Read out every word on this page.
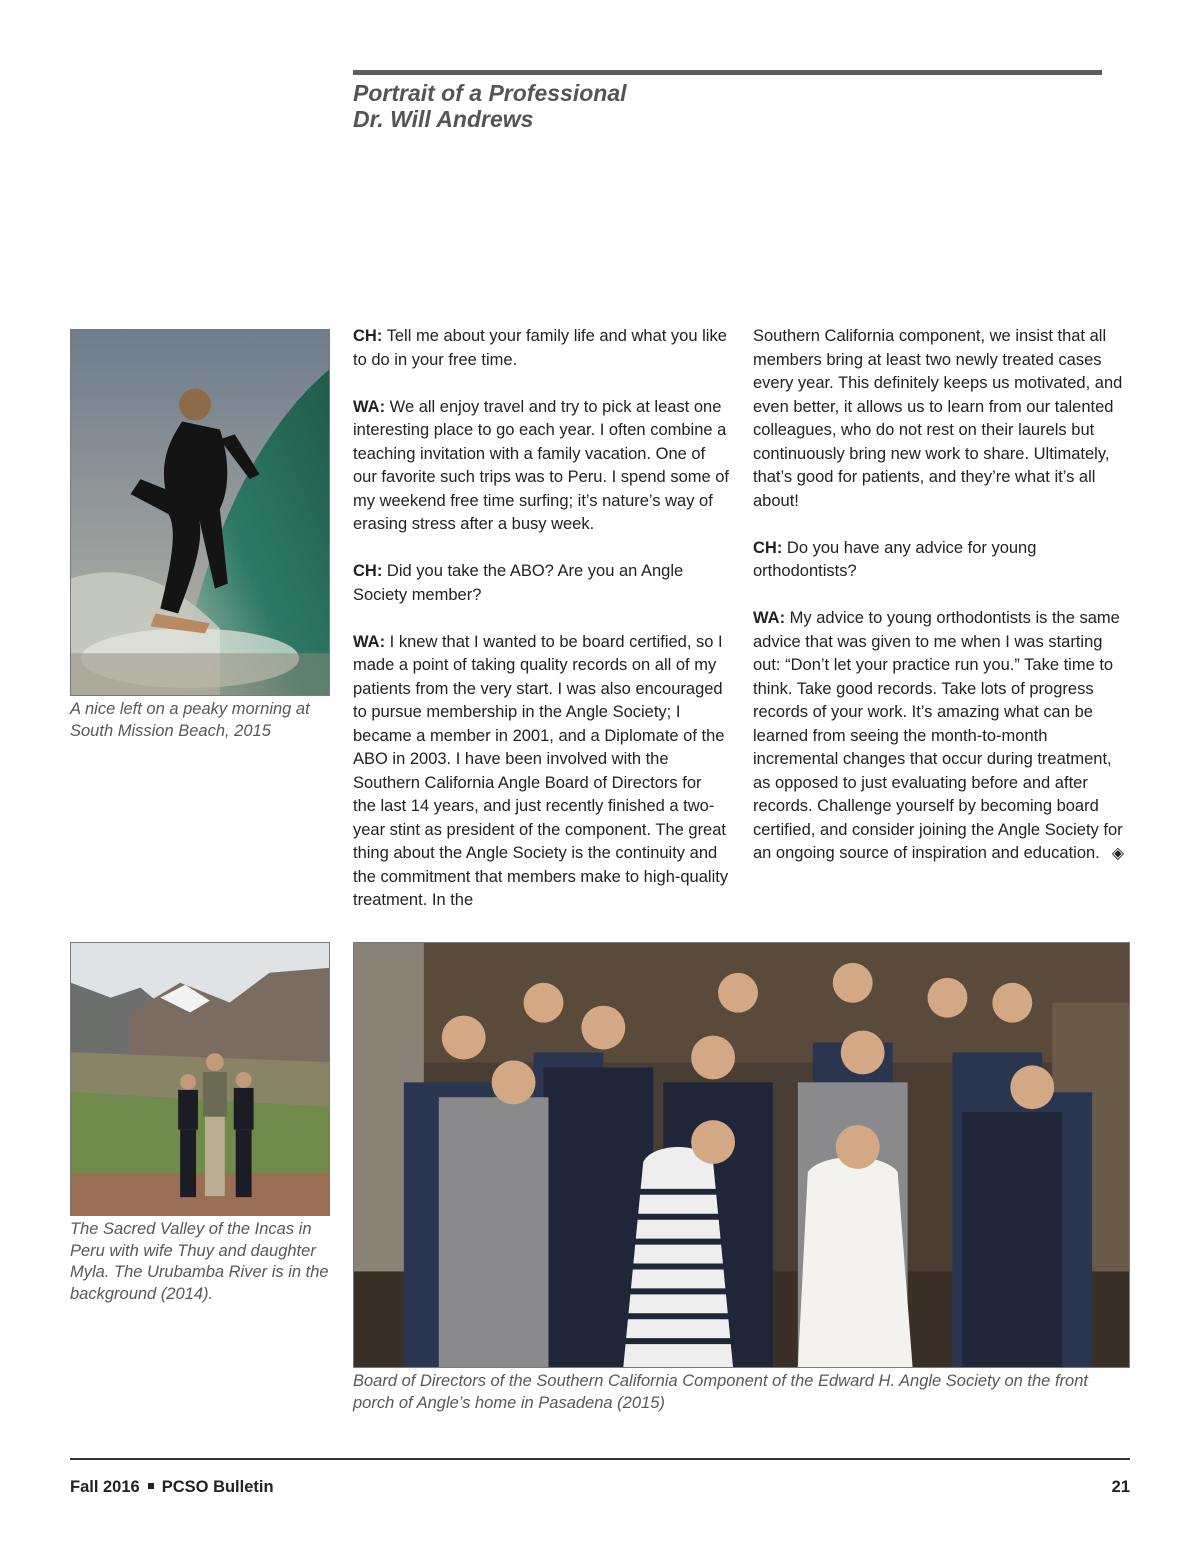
Portrait of a Professional
Dr. Will Andrews
A nice left on a peaky morning at South Mission Beach, 2015

CH: Tell me about your family life and what you like to do in your free time.

WA: We all enjoy travel and try to pick at least one interesting place to go each year. I often combine a teaching invitation with a family vacation. One of our favorite such trips was to Peru. I spend some of my weekend free time surfing; it’s nature’s way of erasing stress after a busy week.

CH: Did you take the ABO? Are you an Angle Society member?

WA: I knew that I wanted to be board certified, so I made a point of taking quality records on all of my patients from the very start. I was also encouraged to pursue membership in the Angle Society; I became a member in 2001, and a Diplomate of the ABO in 2003. I have been involved with the Southern California Angle Board of Directors for the last 14 years, and just recently finished a two-year stint as president of the component. The great thing about the Angle Society is the continuity and the commitment that members make to high-quality treatment. In the

Southern California component, we insist that all members bring at least two newly treated cases every year. This definitely keeps us motivated, and even better, it allows us to learn from our talented colleagues, who do not rest on their laurels but continuously bring new work to share. Ultimately, that’s good for patients, and they’re what it’s all about!

CH: Do you have any advice for young orthodontists?

WA: My advice to young orthodontists is the same advice that was given to me when I was starting out: “Don’t let your practice run you.” Take time to think. Take good records. Take lots of progress records of your work. It’s amazing what can be learned from seeing the month-to-month incremental changes that occur during treatment, as opposed to just evaluating before and after records. Challenge yourself by becoming board certified, and consider joining the Angle Society for an ongoing source of inspiration and education. ◈

The Sacred Valley of the Incas in Peru with wife Thuy and daughter Myla. The Urubamba River is in the background (2014).
Board of Directors of the Southern California Component of the Edward H. Angle Society on the front porch of Angle’s home in Pasadena (2015)
Fall 2016 PCSO Bulletin	21
